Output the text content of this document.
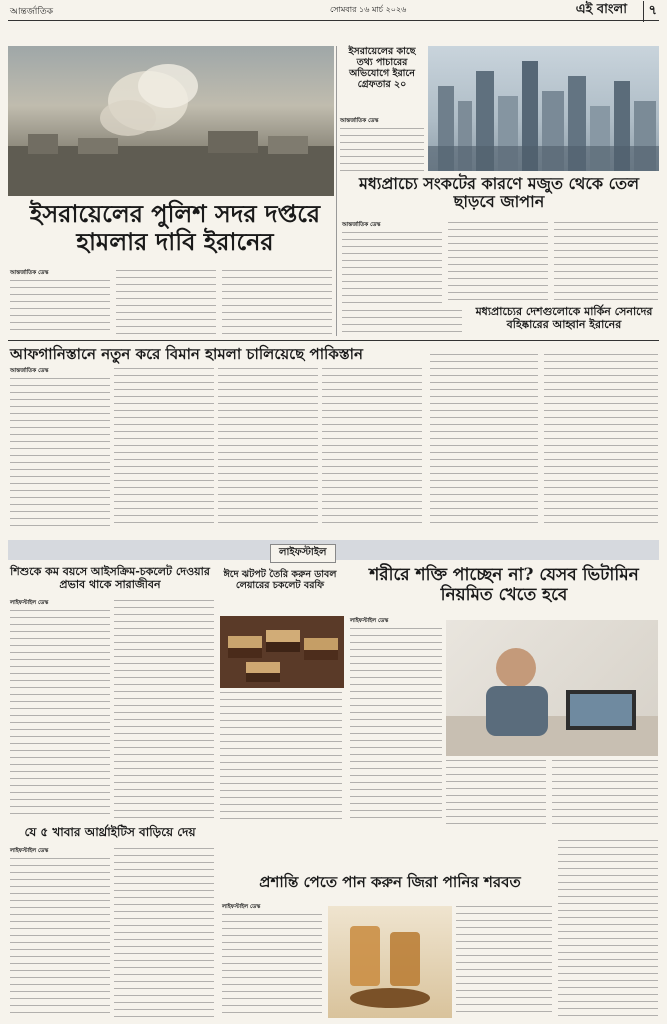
আন্তর্জাতিক	সোমবার ১৬ মার্চ ২০২৬	এই বাংলা	৭
ইসরায়েলের পুলিশ সদর দপ্তরে হামলার দাবি ইরানের
আন্তর্জাতিক ডেস্ক
ইসরায়েলের কাছে তথ্য পাচারের অভিযোগে ইরানে গ্রেফতার ২০
আন্তর্জাতিক ডেস্ক
মধ্যপ্রাচ্যে সংকটের কারণে মজুত থেকে তেল ছাড়বে জাপান
আন্তর্জাতিক ডেস্ক
মধ্যপ্রাচ্যের দেশগুলোকে মার্কিন সেনাদের বহিষ্কারের আহ্বান ইরানের
আফগানিস্তানে নতুন করে বিমান হামলা চালিয়েছে পাকিস্তান
আন্তর্জাতিক ডেস্ক
লাইফস্টাইল
শিশুকে কম বয়সে আইসক্রিম-চকলেট দেওয়ার প্রভাব থাকে সারাজীবন
লাইফস্টাইল ডেস্ক
ঈদে ঝটপট তৈরি করুন ডাবল লেয়ারের চকলেট বরফি
শরীরে শক্তি পাচ্ছেন না? যেসব ভিটামিন নিয়মিত খেতে হবে
লাইফস্টাইল ডেস্ক
যে ৫ খাবার আর্থ্রাইটিস বাড়িয়ে দেয়
লাইফস্টাইল ডেস্ক
প্রশান্তি পেতে পান করুন জিরা পানির শরবত
লাইফস্টাইল ডেস্ক
